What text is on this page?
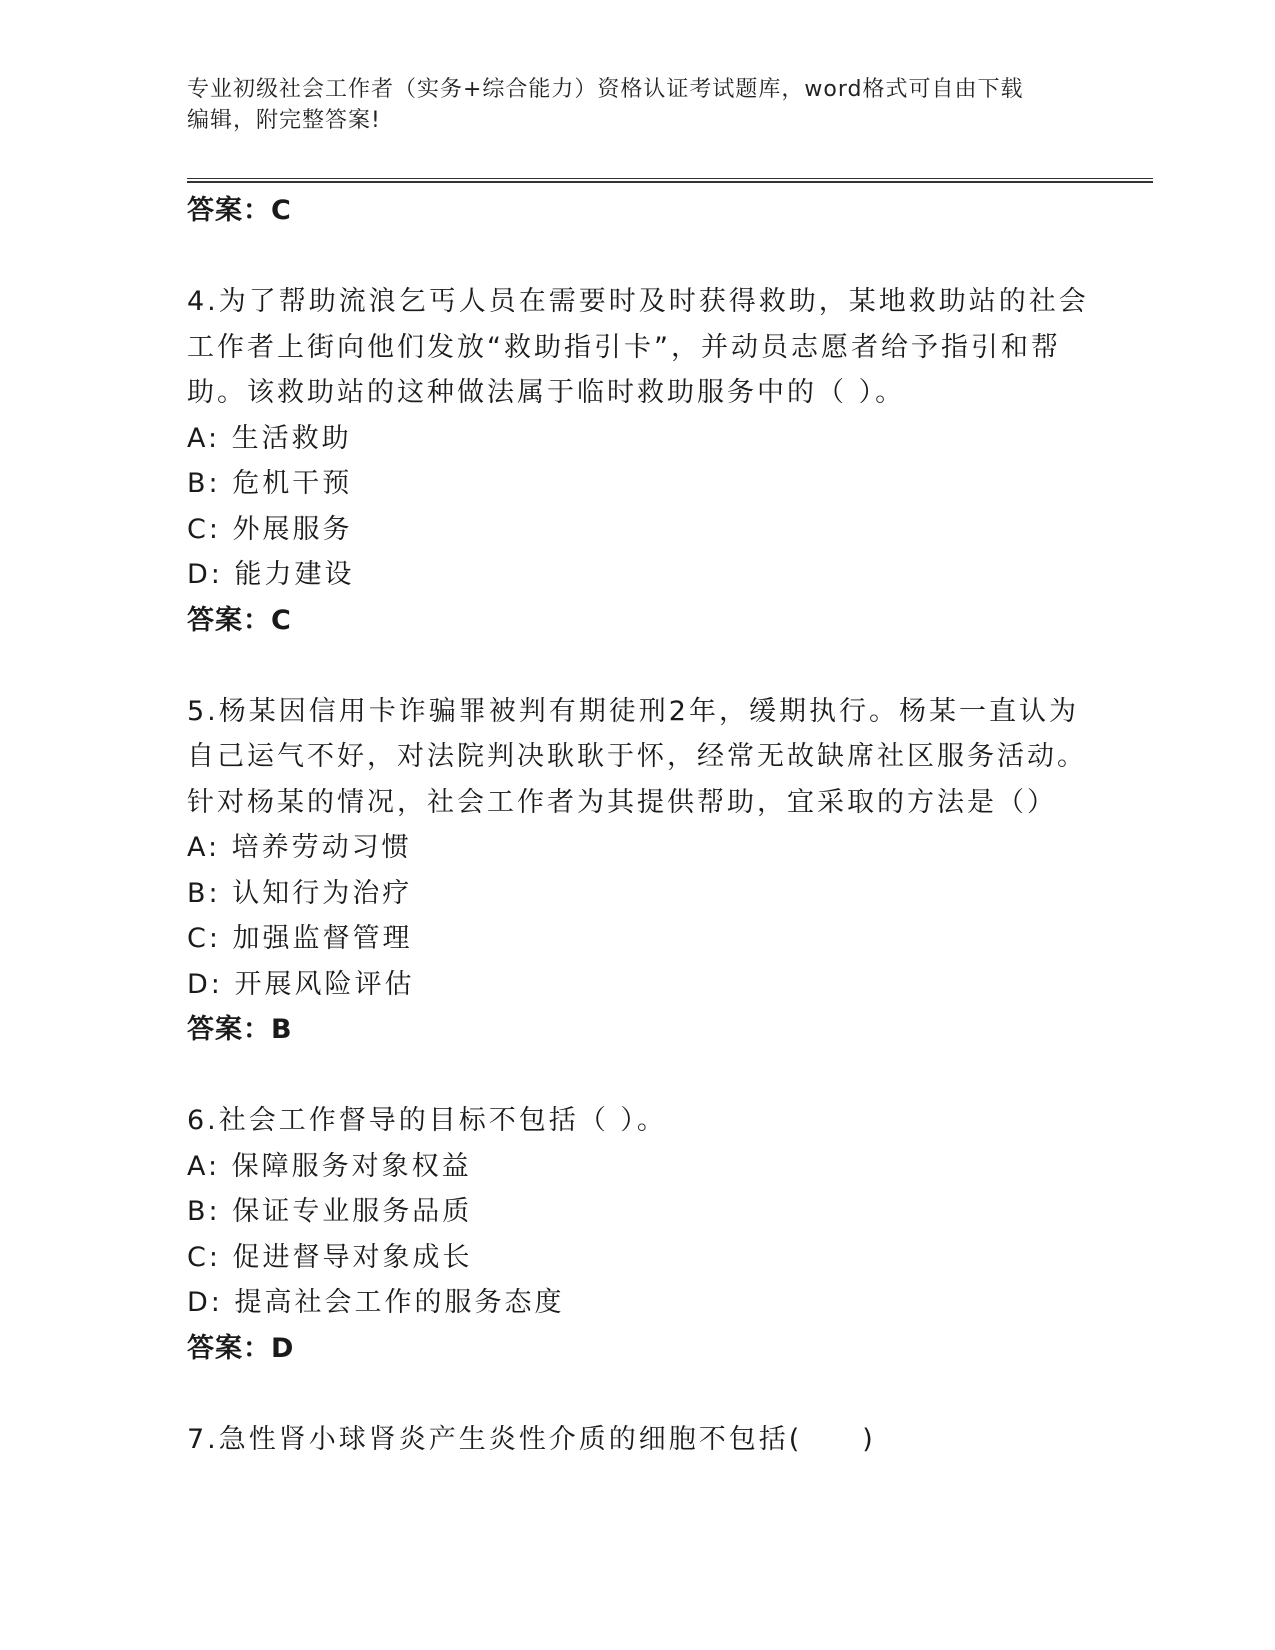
专业初级社会工作者（实务+综合能力）资格认证考试题库，word格式可自由下载
编辑，附完整答案!
答案：C
4.为了帮助流浪乞丐人员在需要时及时获得救助，某地救助站的社会
工作者上街向他们发放“救助指引卡”，并动员志愿者给予指引和帮
助。该救助站的这种做法属于临时救助服务中的（ ）。
A: 生活救助
B: 危机干预
C: 外展服务
D: 能力建设
答案：C
5.杨某因信用卡诈骗罪被判有期徒刑2年，缓期执行。杨某一直认为
自己运气不好，对法院判决耿耿于怀，经常无故缺席社区服务活动。
针对杨某的情况，社会工作者为其提供帮助，宜采取的方法是（）
A: 培养劳动习惯
B: 认知行为治疗
C: 加强监督管理
D: 开展风险评估
答案：B
6.社会工作督导的目标不包括（ ）。
A: 保障服务对象权益
B: 保证专业服务品质
C: 促进督导对象成长
D: 提高社会工作的服务态度
答案：D
7.急性肾小球肾炎产生炎性介质的细胞不包括(　　)
